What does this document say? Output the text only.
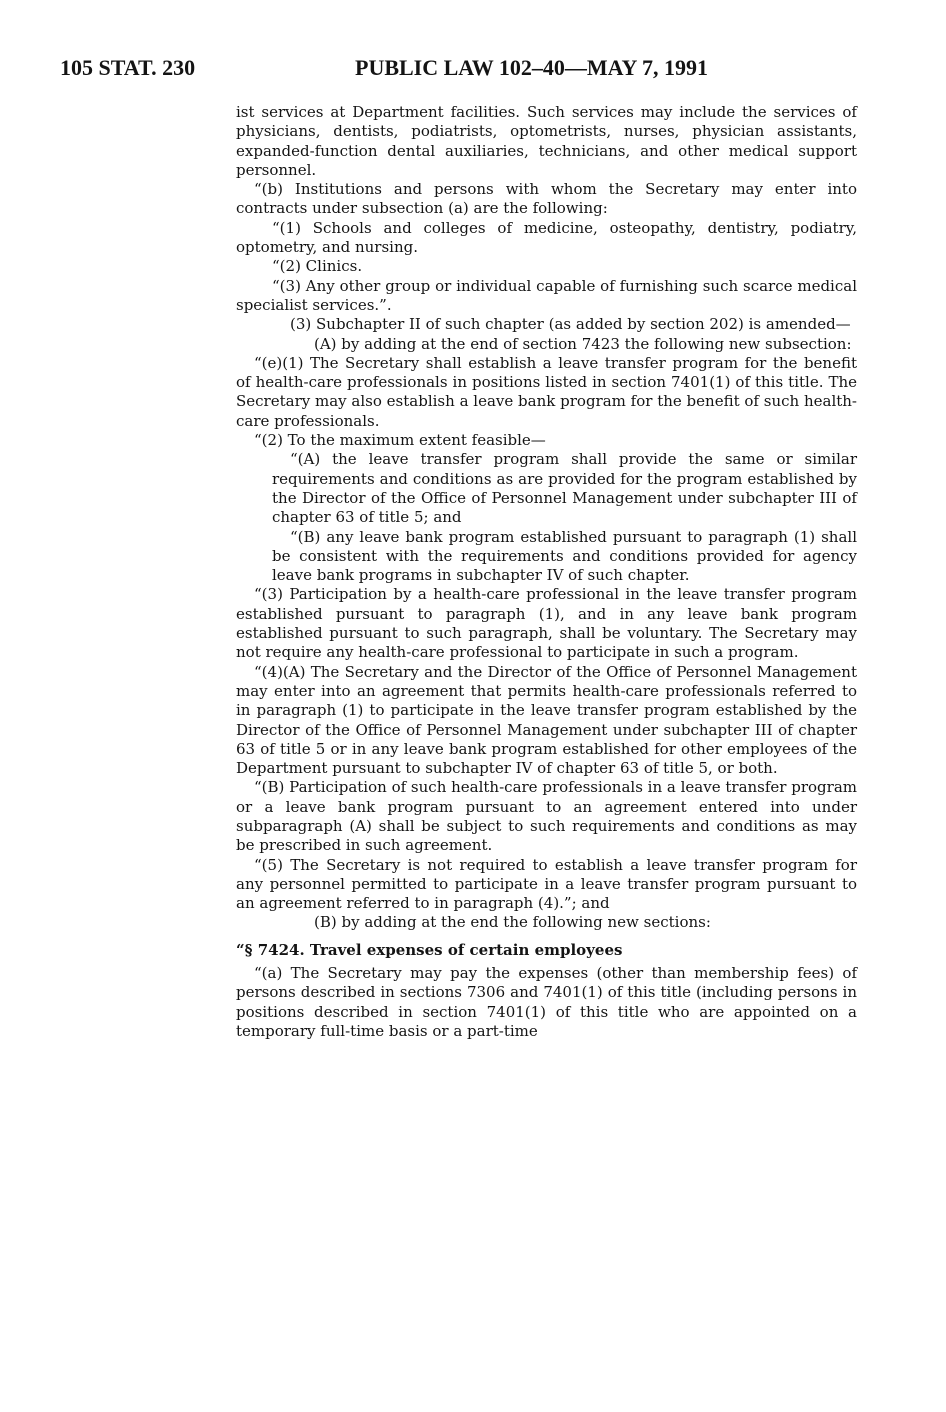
105 STAT. 230	PUBLIC LAW 102–40—MAY 7, 1991

ist services at Department facilities. Such services may include the services of physicians, dentists, podiatrists, optometrists, nurses, physician assistants, expanded-function dental auxiliaries, technicians, and other medical support personnel.

“(b) Institutions and persons with whom the Secretary may enter into contracts under subsection (a) are the following:

“(1) Schools and colleges of medicine, osteopathy, dentistry, podiatry, optometry, and nursing.

“(2) Clinics.

“(3) Any other group or individual capable of furnishing such scarce medical specialist services.”.

(3) Subchapter II of such chapter (as added by section 202) is amended—

(A) by adding at the end of section 7423 the following new subsection:

“(e)(1) The Secretary shall establish a leave transfer program for the benefit of health-care professionals in positions listed in section 7401(1) of this title. The Secretary may also establish a leave bank program for the benefit of such health-care professionals.

“(2) To the maximum extent feasible—

“(A) the leave transfer program shall provide the same or similar requirements and conditions as are provided for the program established by the Director of the Office of Personnel Management under subchapter III of chapter 63 of title 5; and

“(B) any leave bank program established pursuant to paragraph (1) shall be consistent with the requirements and conditions provided for agency leave bank programs in subchapter IV of such chapter.

“(3) Participation by a health-care professional in the leave transfer program established pursuant to paragraph (1), and in any leave bank program established pursuant to such paragraph, shall be voluntary. The Secretary may not require any health-care professional to participate in such a program.

“(4)(A) The Secretary and the Director of the Office of Personnel Management may enter into an agreement that permits health-care professionals referred to in paragraph (1) to participate in the leave transfer program established by the Director of the Office of Personnel Management under subchapter III of chapter 63 of title 5 or in any leave bank program established for other employees of the Department pursuant to subchapter IV of chapter 63 of title 5, or both.

“(B) Participation of such health-care professionals in a leave transfer program or a leave bank program pursuant to an agreement entered into under subparagraph (A) shall be subject to such requirements and conditions as may be prescribed in such agreement.

“(5) The Secretary is not required to establish a leave transfer program for any personnel permitted to participate in a leave transfer program pursuant to an agreement referred to in paragraph (4).”; and

(B) by adding at the end the following new sections:

“§ 7424. Travel expenses of certain employees

“(a) The Secretary may pay the expenses (other than membership fees) of persons described in sections 7306 and 7401(1) of this title (including persons in positions described in section 7401(1) of this title who are appointed on a temporary full-time basis or a part-time
